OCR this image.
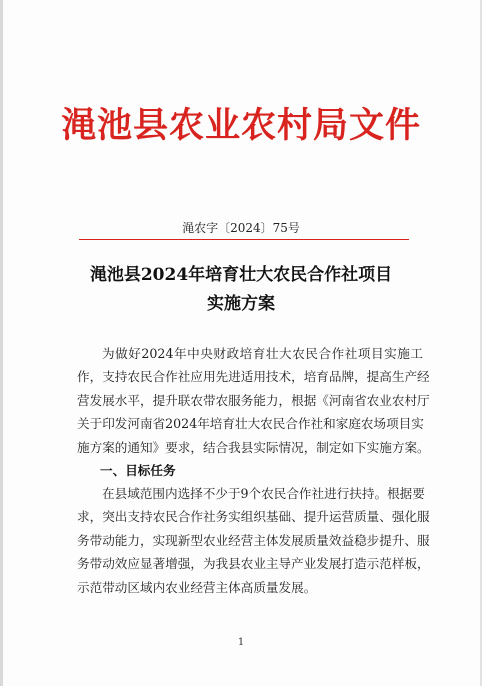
渑池县农业农村局文件
渑农字〔2024〕75号
渑池县2024年培育壮大农民合作社项目
实施方案
为做好2024年中央财政培育壮大农民合作社项目实施工
作，支持农民合作社应用先进适用技术，培育品牌，提高生产经
营发展水平，提升联农带农服务能力，根据《河南省农业农村厅
关于印发河南省2024年培育壮大农民合作社和家庭农场项目实
施方案的通知》要求，结合我县实际情况，制定如下实施方案。
一、目标任务
在县域范围内选择不少于9个农民合作社进行扶持。根据要
求，突出支持农民合作社务实组织基础、提升运营质量、强化服
务带动能力，实现新型农业经营主体发展质量效益稳步提升、服
务带动效应显著增强，为我县农业主导产业发展打造示范样板，
示范带动区域内农业经营主体高质量发展。
1
